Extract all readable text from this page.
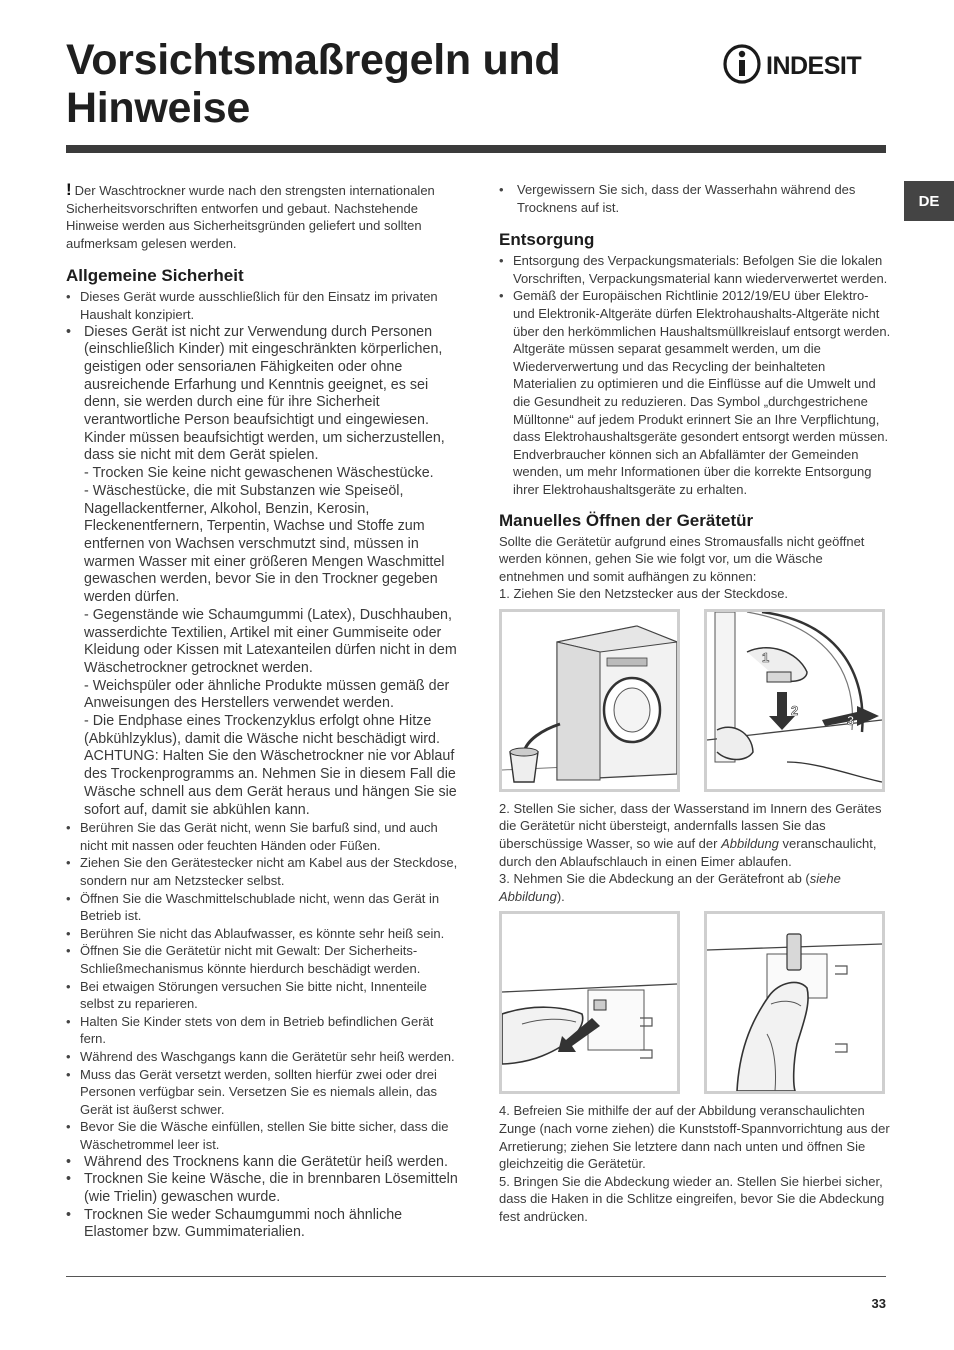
Vorsichtsmaßregeln und Hinweise
INDESIT
DE

! Der Waschtrockner wurde nach den strengsten internationalen Sicherheitsvorschriften entworfen und gebaut. Nachstehende Hinweise werden aus Sicherheitsgründen geliefert und sollten aufmerksam gelesen werden.

Allgemeine Sicherheit
• Dieses Gerät wurde ausschließlich für den Einsatz im privaten Haushalt konzipiert.
• Dieses Gerät ist nicht zur Verwendung durch Personen (einschließlich Kinder) mit eingeschränkten körperlichen, geistigen oder sensoriалen Fähigkeiten oder ohne ausreichende Erfarhung und Kenntnis geeignet, es sei denn, sie werden durch eine für ihre Sicherheit verantwortliche Person beaufsichtigt und eingewiesen. Kinder müssen beaufsichtigt werden, um sicherzustellen, dass sie nicht mit dem Gerät spielen.
- Trocken Sie keine nicht gewaschenen Wäschestücke.
- Wäschestücke, die mit Substanzen wie Speiseöl, Nagellackentferner, Alkohol, Benzin, Kerosin, Fleckenentfernern, Terpentin, Wachse und Stoffe zum entfernen von Wachsen verschmutzt sind, müssen in warmen Wasser mit einer größeren Mengen Waschmittel gewaschen werden, bevor Sie in den Trockner gegeben werden dürfen.
- Gegenstände wie Schaumgummi (Latex), Duschhauben, wasserdichte Textilien, Artikel mit einer Gummiseite oder Kleidung oder Kissen mit Latexanteilen dürfen nicht in dem Wäschetrockner getrocknet werden.
- Weichspüler oder ähnliche Produkte müssen gemäß der Anweisungen des Herstellers verwendet werden.
- Die Endphase eines Trockenzyklus erfolgt ohne Hitze (Abkühlzyklus), damit die Wäsche nicht beschädigt wird. ACHTUNG: Halten Sie den Wäschetrockner nie vor Ablauf des Trockenprogramms an. Nehmen Sie in diesem Fall die Wäsche schnell aus dem Gerät heraus und hängen Sie sie sofort auf, damit sie abkühlen kann.
• Berühren Sie das Gerät nicht, wenn Sie barfuß sind, und auch nicht mit nassen oder feuchten Händen oder Füßen.
• Ziehen Sie den Gerätestecker nicht am Kabel aus der Steckdose, sondern nur am Netzstecker selbst.
• Öffnen Sie die Waschmittelschublade nicht, wenn das Gerät in Betrieb ist.
• Berühren Sie nicht das Ablaufwasser, es könnte sehr heiß sein.
• Öffnen Sie die Gerätetür nicht mit Gewalt: Der Sicherheits-Schließmechanismus könnte hierdurch beschädigt werden.
• Bei etwaigen Störungen versuchen Sie bitte nicht, Innenteile selbst zu reparieren.
• Halten Sie Kinder stets von dem in Betrieb befindlichen Gerät fern.
• Während des Waschgangs kann die Gerätetür sehr heiß werden.
• Muss das Gerät versetzt werden, sollten hierfür zwei oder drei Personen verfügbar sein. Versetzen Sie es niemals allein, das Gerät ist äußerst schwer.
• Bevor Sie die Wäsche einfüllen, stellen Sie bitte sicher, dass die Wäschetrommel leer ist.
• Während des Trocknens kann die Gerätetür heiß werden.
• Trocknen Sie keine Wäsche, die in brennbaren Lösemitteln (wie Trielin) gewaschen wurde.
• Trocknen Sie weder Schaumgummi noch ähnliche Elastomer bzw. Gummimaterialien.
• Vergewissern Sie sich, dass der Wasserhahn während des Trocknens auf ist.
Entsorgung
• Entsorgung des Verpackungsmaterials: Befolgen Sie die lokalen Vorschriften, Verpackungsmaterial kann wiederverwertet werden.
• Gemäß der Europäischen Richtlinie 2012/19/EU über Elektro- und Elektronik-Altgeräte dürfen Elektrohaushalts-Altgeräte nicht über den herkömmlichen Haushaltsmüllkreislauf entsorgt werden. Altgeräte müssen separat gesammelt werden, um die Wiederverwertung und das Recycling der beinhalteten Materialien zu optimieren und die Einflüsse auf die Umwelt und die Gesundheit zu reduzieren. Das Symbol „durchgestrichene Mülltonne“ auf jedem Produkt erinnert Sie an Ihre Verpflichtung, dass Elektrohaushaltsgeräte gesondert entsorgt werden müssen. Endverbraucher können sich an Abfallämter der Gemeinden wenden, um mehr Informationen über die korrekte Entsorgung ihrer Elektrohaushaltsgeräte zu erhalten.
Manuelles Öffnen der Gerätetür

Sollte die Gerätetür aufgrund eines Stromausfalls nicht geöffnet werden können, gehen Sie wie folgt vor, um die Wäsche entnehmen und somit aufhängen zu können:

1. Ziehen Sie den Netzstecker aus der Steckdose.

1
2
3

2. Stellen Sie sicher, dass der Wasserstand im Innern des Gerätes die Gerätetür nicht übersteigt, andernfalls lassen Sie das überschüssige Wasser, so wie auf der Abbildung veranschaulicht, durch den Ablaufschlauch in einen Eimer ablaufen.

3. Nehmen Sie die Abdeckung an der Gerätefront ab (siehe Abbildung).

4. Befreien Sie mithilfe der auf der Abbildung veranschaulichten Zunge (nach vorne ziehen) die Kunststoff-Spannvorrichtung aus der Arretierung; ziehen Sie letztere dann nach unten und öffnen Sie gleichzeitig die Gerätetür.

5. Bringen Sie die Abdeckung wieder an. Stellen Sie hierbei sicher, dass die Haken in die Schlitze eingreifen, bevor Sie die Abdeckung fest andrücken.

33
